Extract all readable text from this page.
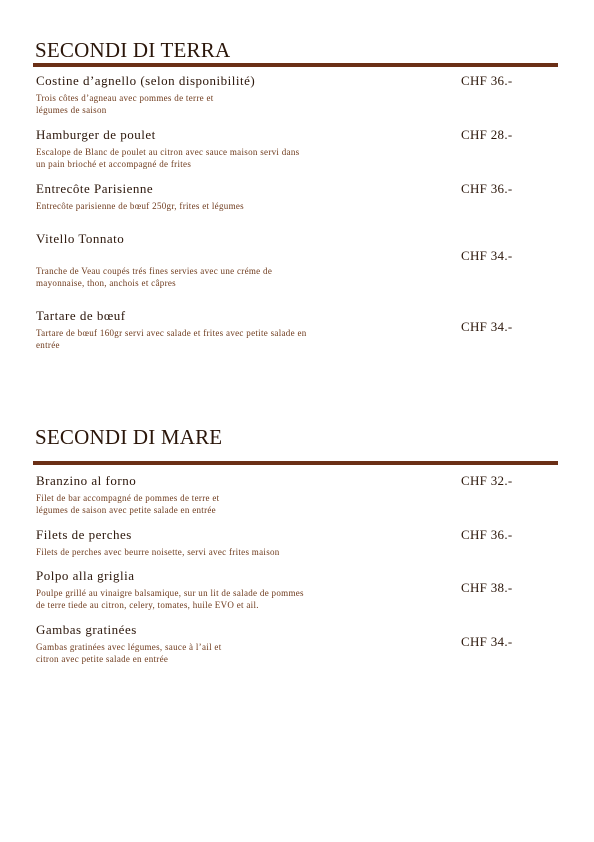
SECONDI DI TERRA
Costine d’agnello (selon disponibilité)
Trois côtes d’agneau avec pommes de terre et
légumes de saison
CHF 36.-
Hamburger de poulet
Escalope de Blanc de poulet au citron avec sauce maison servi dans
un pain brioché et accompagné de frites
CHF 28.-
Entrecôte Parisienne
Entrecôte parisienne de bœuf 250gr, frites et légumes
CHF 36.-
Vitello Tonnato
Tranche de Veau coupés trés fines servies avec une créme de
mayonnaise, thon, anchois et câpres
CHF 34.-
Tartare de bœuf
Tartare de bœuf 160gr servi avec salade et frites avec petite salade en
entrée
CHF 34.-
SECONDI DI MARE
Branzino al forno
Filet de bar accompagné de pommes de terre et
légumes de saison avec petite salade en entrée
CHF 32.-
Filets de perches
Filets de perches avec beurre noisette, servi avec frites maison
CHF 36.-
Polpo alla griglia
Poulpe grillé au vinaigre balsamique, sur un lit de salade de pommes
de terre tiede au citron, celery, tomates, huile EVO et ail.
CHF 38.-
Gambas gratinées
Gambas gratinées avec légumes, sauce à l’ail et
citron avec petite salade en entrée
CHF 34.-
